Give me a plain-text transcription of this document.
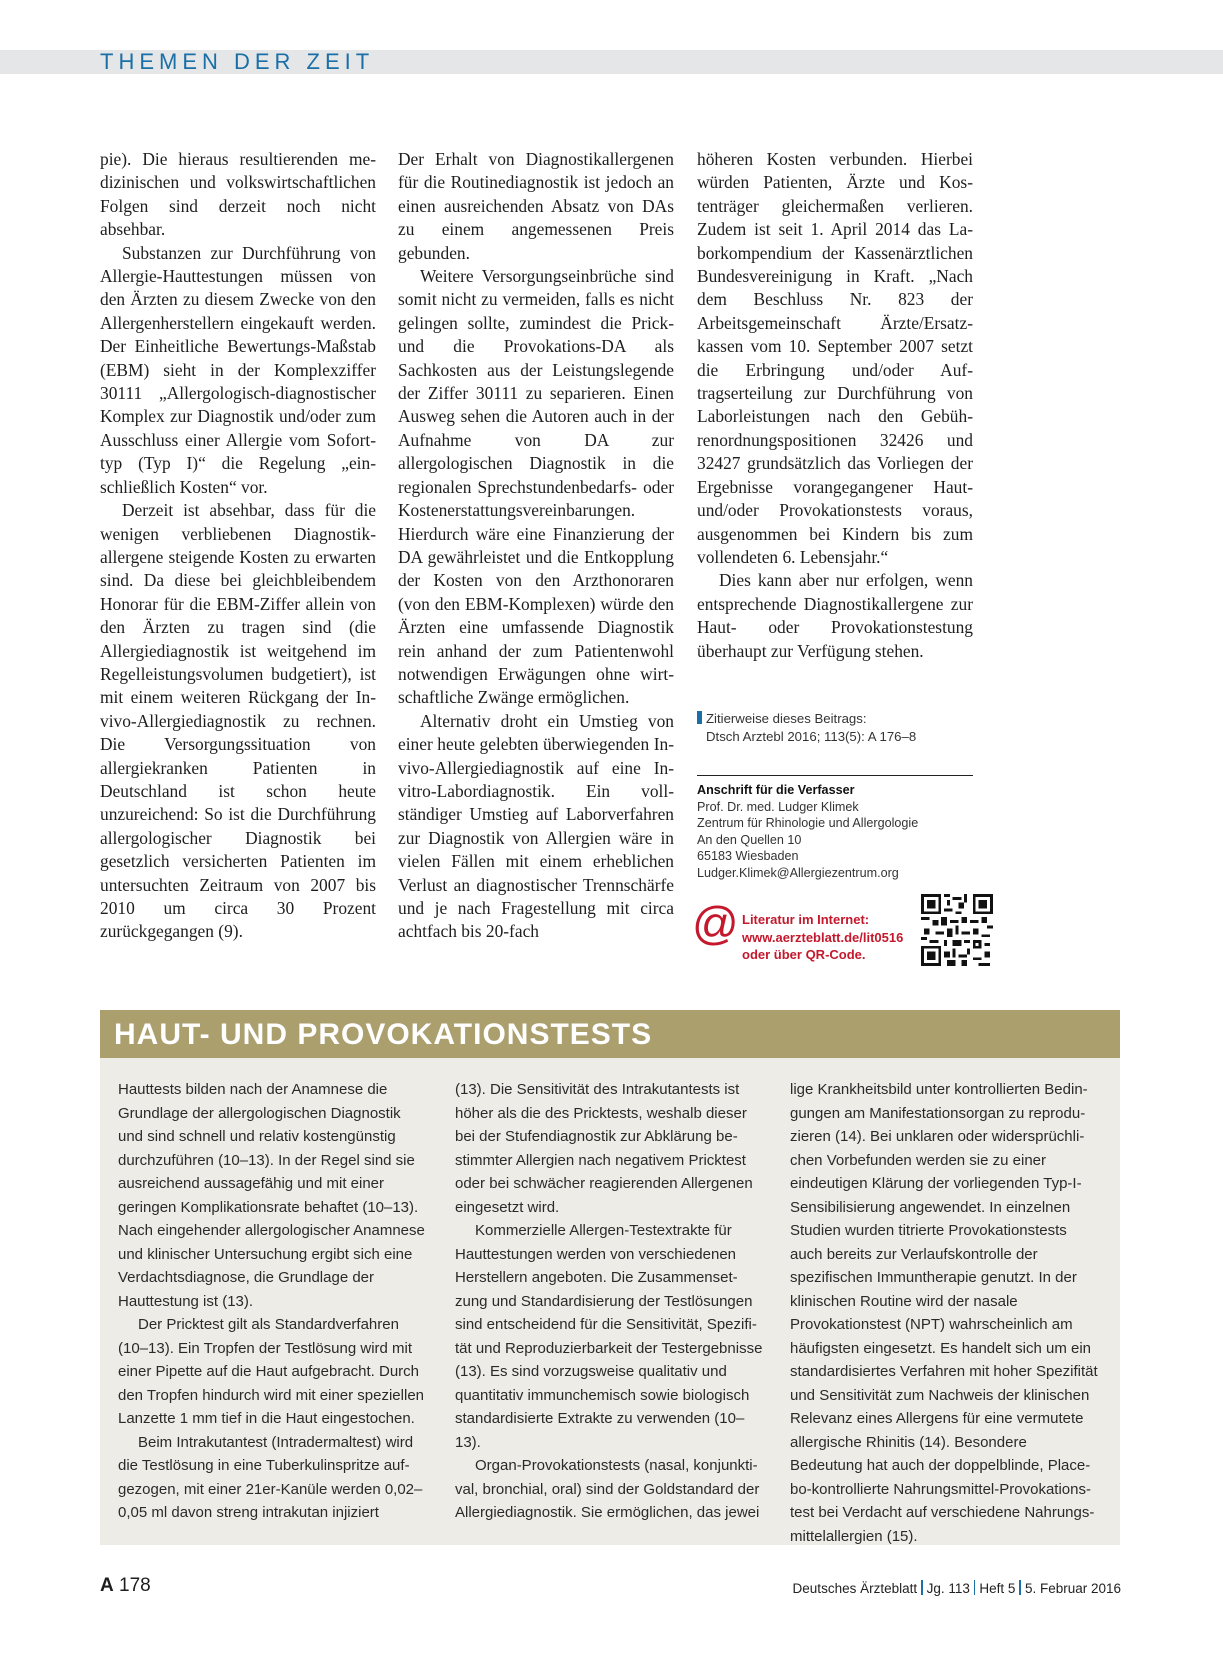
THEMEN DER ZEIT

pie). Die hieraus resultierenden medizinischen und volkswirtschaftlichen Folgen sind derzeit noch nicht absehbar.

Substanzen zur Durchführung von Allergie-Hauttestungen müssen von den Ärzten zu diesem Zwecke von den Allergenherstellern eingekauft werden. Der Einheitliche Bewertungs-Maßstab (EBM) sieht in der Komplexziffer 30111 „Allergologisch-diagnostischer Komplex zur Diagnostik und/oder zum Ausschluss einer Allergie vom Soforttyp (Typ I)“ die Regelung „einschließlich Kosten“ vor.

Derzeit ist absehbar, dass für die wenigen verbliebenen Diagnostikallergene steigende Kosten zu erwarten sind. Da diese bei gleichbleibendem Honorar für die EBM-Ziffer allein von den Ärzten zu tragen sind (die Allergiediagnostik ist weitgehend im Regelleistungsvolumen budgetiert), ist mit einem weiteren Rückgang der In-vivo-Allergiediagnostik zu rechnen. Die Versorgungssituation von allergiekranken Patienten in Deutschland ist schon heute unzureichend: So ist die Durchführung allergologischer Diagnostik bei gesetzlich versicherten Patienten im untersuchten Zeitraum von 2007 bis 2010 um circa 30 Prozent zurückgegangen (9).

Der Erhalt von Diagnostikallergenen für die Routinediagnostik ist jedoch an einen ausreichenden Absatz von DAs zu einem angemessenen Preis gebunden.

Weitere Versorgungseinbrüche sind somit nicht zu vermeiden, falls es nicht gelingen sollte, zumindest die Prick- und die Provokations-DA als Sachkosten aus der Leistungslegende der Ziffer 30111 zu separieren. Einen Ausweg sehen die Autoren auch in der Aufnahme von DA zur allergologischen Diagnostik in die regionalen Sprechstundenbedarfs- oder Kostenerstattungsvereinbarungen. Hierdurch wäre eine Finanzierung der DA gewährleistet und die Entkopplung der Kosten von den Arzthonoraren (von den EBM-Komplexen) würde den Ärzten eine umfassende Diagnostik rein anhand der zum Patientenwohl notwendigen Erwägungen ohne wirtschaftliche Zwänge ermöglichen.

Alternativ droht ein Umstieg von einer heute gelebten überwiegenden In-vivo-Allergiediagnostik auf eine In-vitro-Labordiagnostik. Ein vollständiger Umstieg auf Laborverfahren zur Diagnostik von Allergien wäre in vielen Fällen mit einem erheblichen Verlust an diagnostischer Trennschärfe und je nach Fragestellung mit circa achtfach bis 20-fach

höheren Kosten verbunden. Hierbei würden Patienten, Ärzte und Kostenträger gleichermaßen verlieren. Zudem ist seit 1. April 2014 das Laborkompendium der Kassenärztlichen Bundesvereinigung in Kraft. „Nach dem Beschluss Nr. 823 der Arbeitsgemeinschaft Ärzte/Ersatzkassen vom 10. September 2007 setzt die Erbringung und/oder Auftragserteilung zur Durchführung von Laborleistungen nach den Gebührenordnungspositionen 32426 und 32427 grundsätzlich das Vorliegen der Ergebnisse vorangegangener Haut- und/oder Provokationstests voraus, ausgenommen bei Kindern bis zum vollendeten 6. Lebensjahr.“

Dies kann aber nur erfolgen, wenn entsprechende Diagnostikallergene zur Haut- oder Provokationstestung überhaupt zur Verfügung stehen.

Zitierweise dieses Beitrags:
Dtsch Arztebl 2016; 113(5): A 176–8
Anschrift für die Verfasser
Prof. Dr. med. Ludger Klimek
Zentrum für Rhinologie und Allergologie
An den Quellen 10
65183 Wiesbaden
Ludger.Klimek@Allergiezentrum.org
@ Literatur im Internet:
www.aerzteblatt.de/lit0516
oder über QR-Code.
HAUT- UND PROVOKATIONSTESTS

Hauttests bilden nach der Anamnese die Grundlage der allergologischen Diagnostik und sind schnell und relativ kostengünstig durchzuführen (10–13). In der Regel sind sie ausreichend aussagefähig und mit einer geringen Komplikationsrate behaftet (10–13). Nach eingehender allergologischer Anamnese und klinischer Untersuchung ergibt sich eine Verdachtsdiagnose, die Grundlage der Hauttestung ist (13).

Der Pricktest gilt als Standardverfahren (10–13). Ein Tropfen der Testlösung wird mit einer Pipette auf die Haut aufgebracht. Durch den Tropfen hindurch wird mit einer speziellen Lanzette 1 mm tief in die Haut eingestochen.

Beim Intrakutantest (Intradermaltest) wird die Testlösung in eine Tuberkulinspritze aufgezogen, mit einer 21er-Kanüle werden 0,02–0,05 ml davon streng intrakutan injiziert

(13). Die Sensitivität des Intrakutantests ist höher als die des Pricktests, weshalb dieser bei der Stufendiagnostik zur Abklärung bestimmter Allergien nach negativem Pricktest oder bei schwächer reagierenden Allergenen eingesetzt wird.

Kommerzielle Allergen-Testextrakte für Hauttestungen werden von verschiedenen Herstellern angeboten. Die Zusammensetzung und Standardisierung der Testlösungen sind entscheidend für die Sensitivität, Spezifität und Reproduzierbarkeit der Testergebnisse (13). Es sind vorzugsweise qualitativ und quantitativ immunchemisch sowie biologisch standardisierte Extrakte zu verwenden (10–13).

Organ-Provokationstests (nasal, konjunktival, bronchial, oral) sind der Goldstandard der Allergiediagnostik. Sie ermöglichen, das jewei

lige Krankheitsbild unter kontrollierten Bedingungen am Manifestationsorgan zu reproduzieren (14). Bei unklaren oder widersprüchlichen Vorbefunden werden sie zu einer eindeutigen Klärung der vorliegenden Typ-I-Sensibilisierung angewendet. In einzelnen Studien wurden titrierte Provokationstests auch bereits zur Verlaufskontrolle der spezifischen Immuntherapie genutzt. In der klinischen Routine wird der nasale Provokationstest (NPT) wahrscheinlich am häufigsten eingesetzt. Es handelt sich um ein standardisiertes Verfahren mit hoher Spezifität und Sensitivität zum Nachweis der klinischen Relevanz eines Allergens für eine vermutete allergische Rhinitis (14). Besondere Bedeutung hat auch der doppelblinde, Placebo-kontrollierte Nahrungsmittel-Provokationstest bei Verdacht auf verschiedene Nahrungsmittelallergien (15).

A 178	Deutsches Ärzteblatt Jg. 113 Heft 5 5. Februar 2016
